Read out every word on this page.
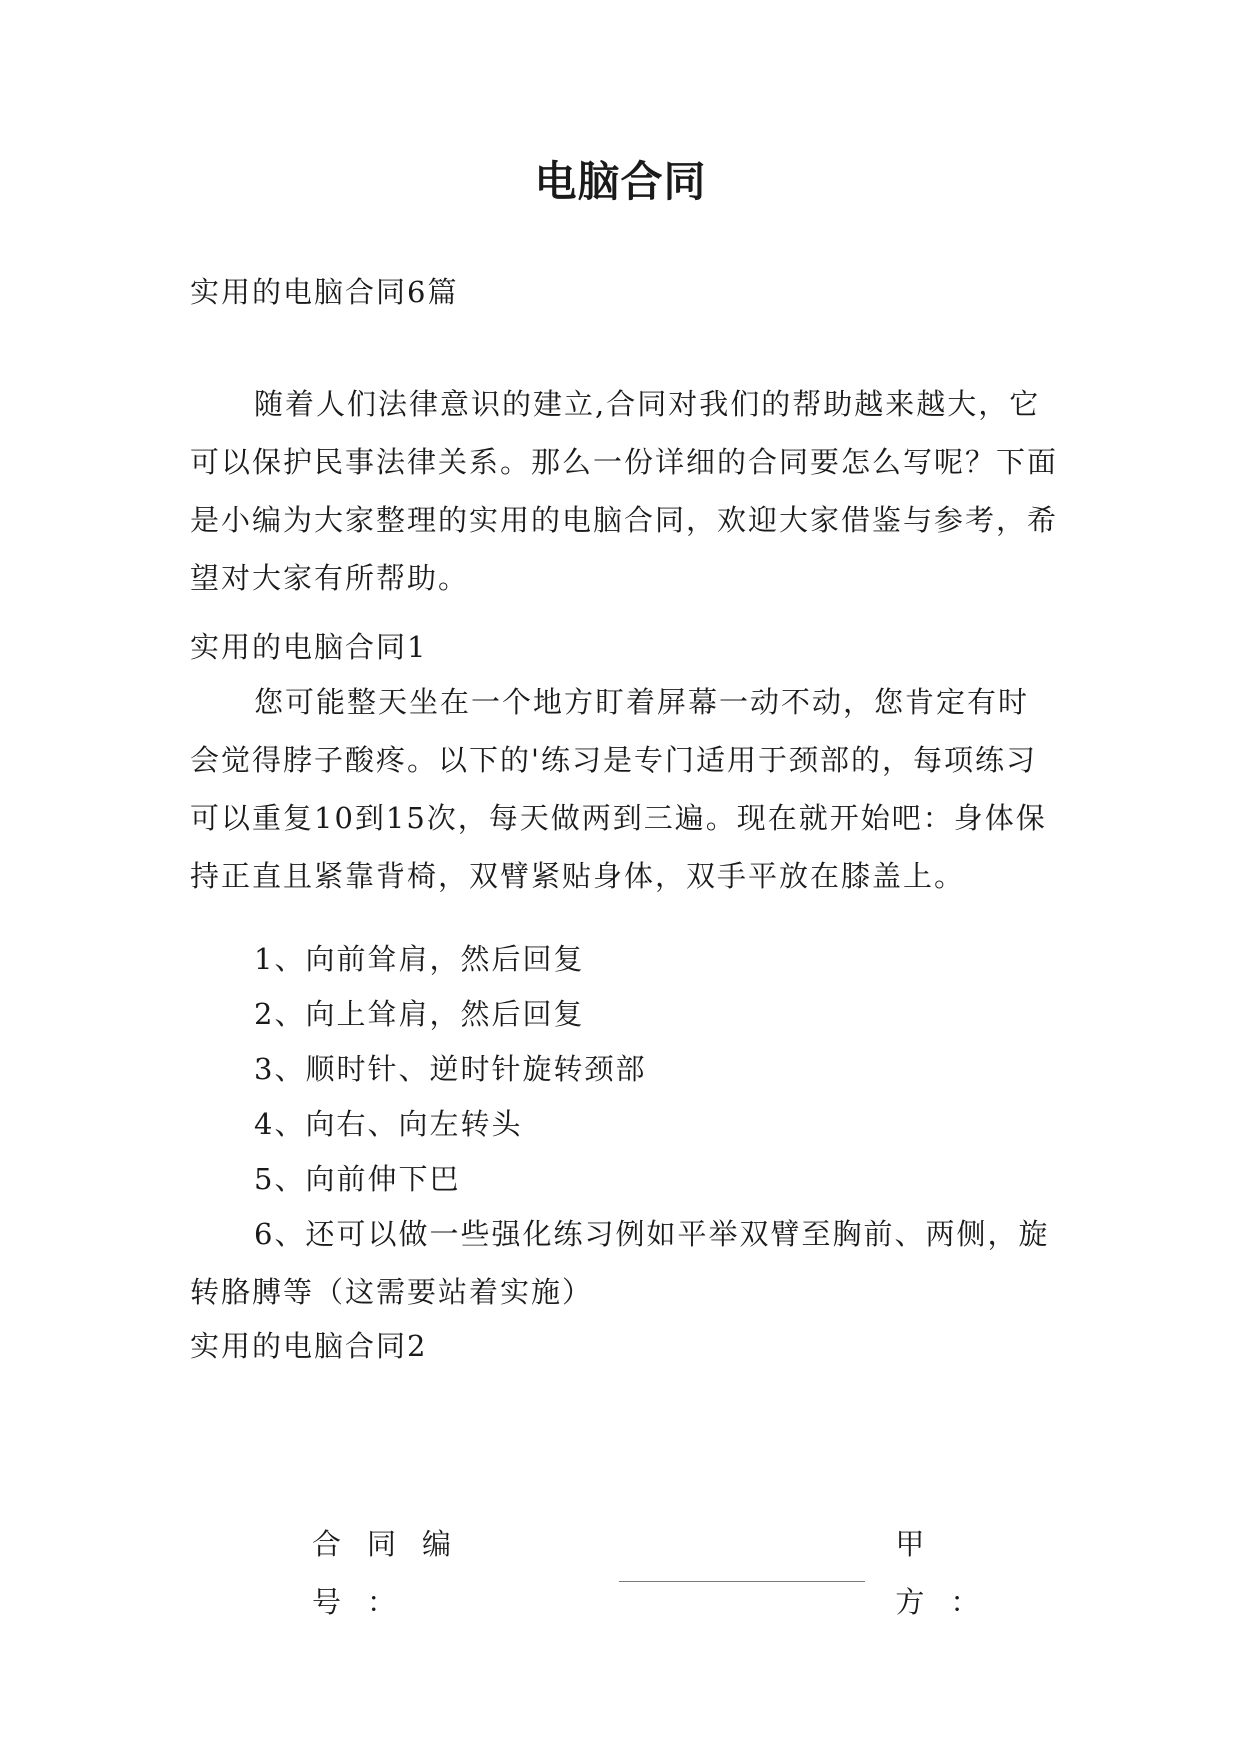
电脑合同

实用的电脑合同6篇

随着人们法律意识的建立,合同对我们的帮助越来越大，它可以保护民事法律关系。那么一份详细的合同要怎么写呢？下面是小编为大家整理的实用的电脑合同，欢迎大家借鉴与参考，希望对大家有所帮助。

实用的电脑合同1

您可能整天坐在一个地方盯着屏幕一动不动，您肯定有时会觉得脖子酸疼。以下的'练习是专门适用于颈部的，每项练习可以重复10到15次，每天做两到三遍。现在就开始吧：身体保持正直且紧靠背椅，双臂紧贴身体，双手平放在膝盖上。

1、向前耸肩，然后回复

2、向上耸肩，然后回复

3、顺时针、逆时针旋转颈部

4、向右、向左转头

5、向前伸下巴

6、还可以做一些强化练习例如平举双臂至胸前、两侧，旋转胳膊等（这需要站着实施）

实用的电脑合同2

合同编号：
甲方：
